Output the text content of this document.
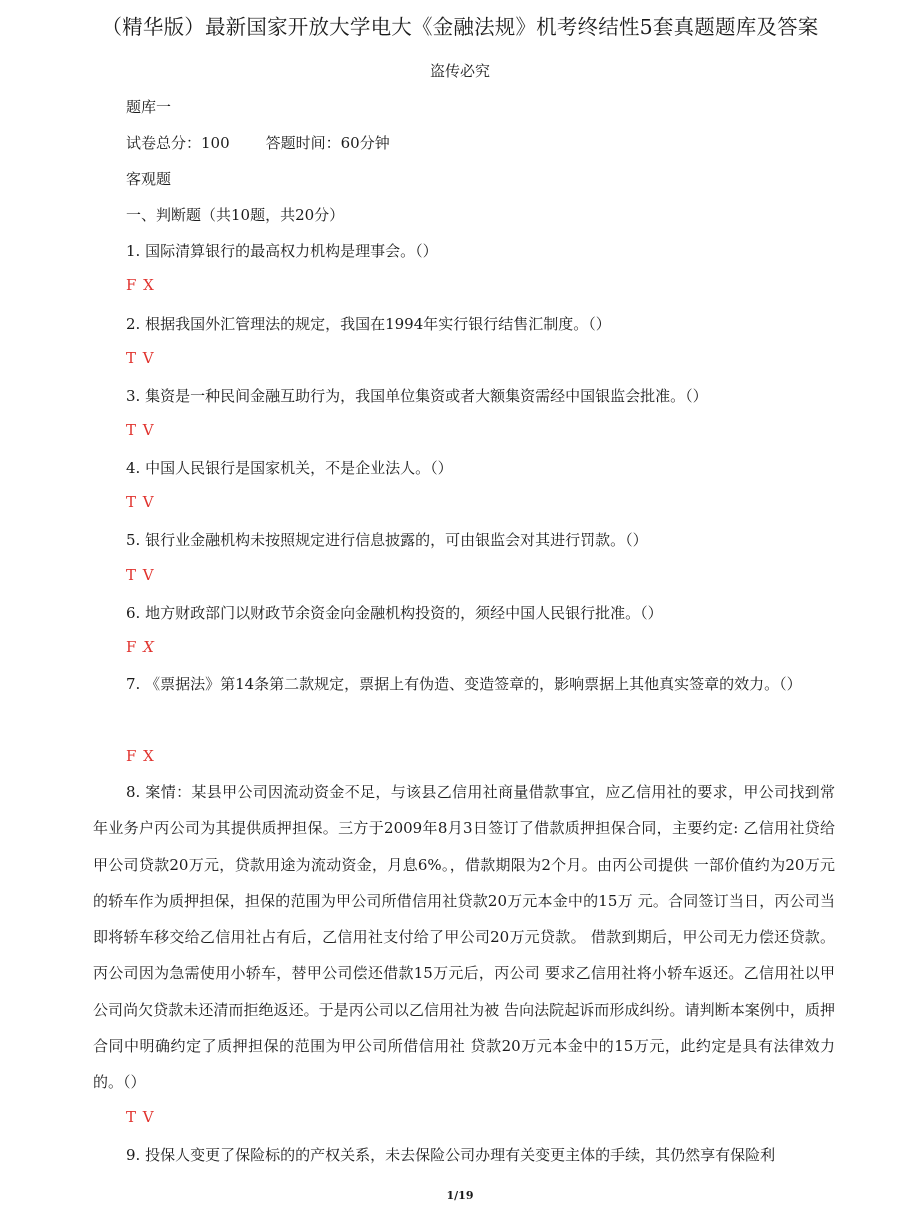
（精华版）最新国家开放大学电大《金融法规》机考终结性5套真题题库及答案
盗传必究
题库一
试卷总分：100 答题时间：60分钟
客观题
一、判断题（共10题，共20分）
1. 国际清算银行的最高权力机构是理事会。（）
F X
2. 根据我国外汇管理法的规定，我国在1994年实行银行结售汇制度。（）
T V
3. 集资是一种民间金融互助行为，我国单位集资或者大额集资需经中国银监会批准。（）
T V
4. 中国人民银行是国家机关，不是企业法人。（）
T V
5. 银行业金融机构未按照规定进行信息披露的，可由银监会对其进行罚款。（）
T V
6. 地方财政部门以财政节余资金向金融机构投资的，须经中国人民银行批准。（）
F X
7. 《票据法》第14条第二款规定，票据上有伪造、变造签章的，影响票据上其他真实签章的效力。（）
F X
8. 案情：某县甲公司因流动资金不足，与该县乙信用社商量借款事宜，应乙信用社的要求，甲公司找到常年业务户丙公司为其提供质押担保。三方于2009年8月3日签订了借款质押担保合同，主要约定: 乙信用社贷给甲公司贷款20万元，贷款用途为流动资金，月息6%。，借款期限为2个月。由丙公司提供 一部价值约为20万元的轿车作为质押担保，担保的范围为甲公司所借信用社贷款20万元本金中的15万 元。合同签订当日，丙公司当即将轿车移交给乙信用社占有后，乙信用社支付给了甲公司20万元贷款。 借款到期后，甲公司无力偿还贷款。丙公司因为急需使用小轿车，替甲公司偿还借款15万元后，丙公司 要求乙信用社将小轿车返还。乙信用社以甲公司尚欠贷款未还清而拒绝返还。于是丙公司以乙信用社为被 告向法院起诉而形成纠纷。请判断本案例中，质押合同中明确约定了质押担保的范围为甲公司所借信用社 贷款20万元本金中的15万元，此约定是具有法律效力的。（）
T V
9. 投保人变更了保险标的的产权关系，未去保险公司办理有关变更主体的手续，其仍然享有保险利
1/19
